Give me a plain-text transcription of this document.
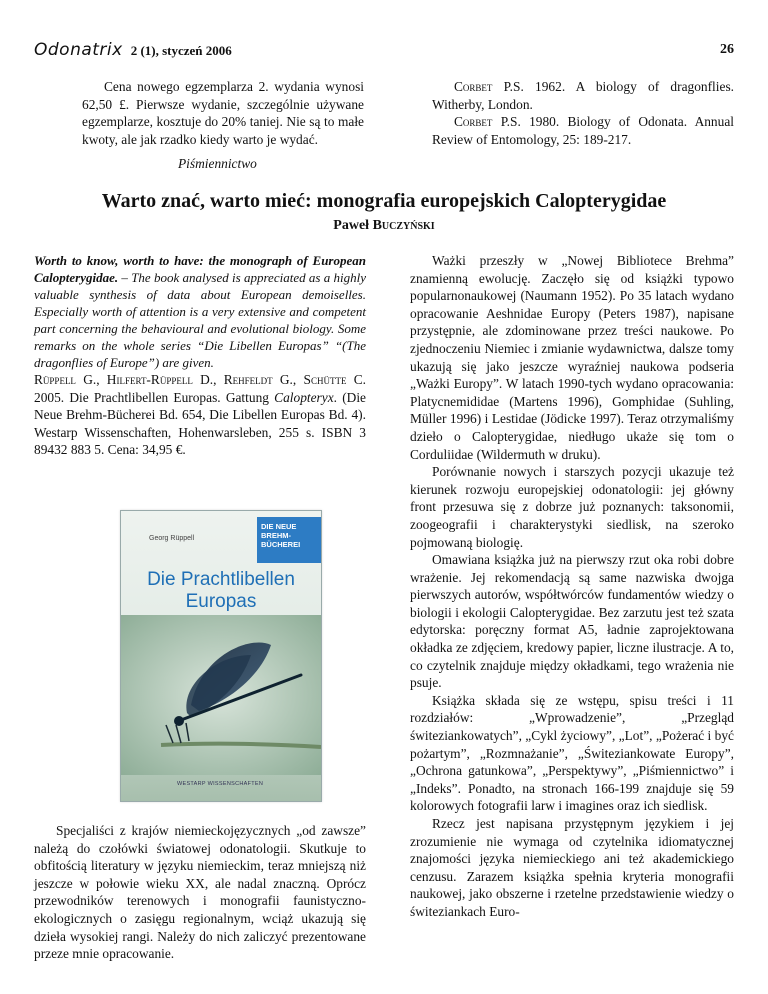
Odonatrix 2 (1), styczeń 2006	26

Cena nowego egzemplarza 2. wydania wynosi 62,50 £. Pierwsze wydanie, szczególnie używane egzemplarze, kosztuje do 20% taniej. Nie są to małe kwoty, ale jak rzadko kiedy warto je wydać.

Corbet P.S. 1962. A biology of dragonflies. Witherby, London.

Corbet P.S. 1980. Biology of Odonata. Annual Review of Entomology, 25: 189-217.

Piśmiennictwo
Warto znać, warto mieć: monografia europejskich Calopterygidae
Paweł Buczyński

Worth to know, worth to have: the monograph of European Calopterygidae. – The book analysed is appreciated as a highly valuable synthesis of data about European demoiselles. Especially worth of attention is a very extensive and competent part concerning the behavioural and evolutional biology. Some remarks on the whole series “Die Libellen Europas” “(The dragonflies of Europe”) are given.

Rüppell G., Hilfert-Rüppell D., Rehfeldt G., Schütte C. 2005. Die Prachtlibellen Europas. Gattung Calopteryx. (Die Neue Brehm-Bücherei Bd. 654, Die Libellen Europas Bd. 4). Westarp Wissenschaften, Hohenwarsleben, 255 s. ISBN 3 89432 883 5. Cena: 34,95 €.

DIE NEUE BREHM-BÜCHEREI
Georg Rüppell
Die Prachtlibellen
Europas
WESTARP WISSENSCHAFTEN

Specjaliści z krajów niemieckojęzycznych „od zawsze” należą do czołówki światowej odonatologii. Skutkuje to obfitością literatury w języku niemieckim, teraz mniejszą niż jeszcze w połowie wieku XX, ale nadal znaczną. Oprócz przewodników terenowych i monografii faunistyczno-ekologicznych o zasięgu regionalnym, wciąż ukazują się dzieła wysokiej rangi. Należy do nich zaliczyć prezentowane przeze mnie opracowanie.

Ważki przeszły w „Nowej Bibliotece Brehma” znamienną ewolucję. Zaczęło się od książki typowo popularnonaukowej (Naumann 1952). Po 35 latach wydano opracowanie Aeshnidae Europy (Peters 1987), napisane przystępnie, ale zdominowane przez treści naukowe. Po zjednoczeniu Niemiec i zmianie wydawnictwa, dalsze tomy ukazują się jako jeszcze wyraźniej naukowa podseria „Ważki Europy”. W latach 1990-tych wydano opracowania: Platycnemididae (Martens 1996), Gomphidae (Suhling, Müller 1996) i Lestidae (Jödicke 1997). Teraz otrzymaliśmy dzieło o Calopterygidae, niedługo ukaże się tom o Corduliidae (Wildermuth w druku).

Porównanie nowych i starszych pozycji ukazuje też kierunek rozwoju europejskiej odonatologii: jej główny front przesuwa się z dobrze już poznanych: taksonomii, zoogeografii i charakterystyki siedlisk, na szeroko pojmowaną biologię.

Omawiana książka już na pierwszy rzut oka robi dobre wrażenie. Jej rekomendacją są same nazwiska dwojga pierwszych autorów, współtwórców fundamentów wiedzy o biologii i ekologii Calopterygidae. Bez zarzutu jest też szata edytorska: poręczny format A5, ładnie zaprojektowana okładka ze zdjęciem, kredowy papier, liczne ilustracje. A to, co czytelnik znajduje między okładkami, tego wrażenia nie psuje.

Książka składa się ze wstępu, spisu treści i 11 rozdziałów: „Wprowadzenie”, „Przegląd świteziankowatych”, „Cykl życiowy”, „Lot”, „Pożerać i być pożartym”, „Rozmnażanie”, „Świteziankowate Europy”, „Ochrona gatunkowa”, „Perspektywy”, „Piśmiennictwo” i „Indeks”. Ponadto, na stronach 166-199 znajduje się 59 kolorowych fotografii larw i imagines oraz ich siedlisk.

Rzecz jest napisana przystępnym językiem i jej zrozumienie nie wymaga od czytelnika idiomatycznej znajomości języka niemieckiego ani też akademickiego cenzusu. Zarazem książka spełnia kryteria monografii naukowej, jako obszerne i rzetelne przedstawienie wiedzy o świteziankach Euro-
